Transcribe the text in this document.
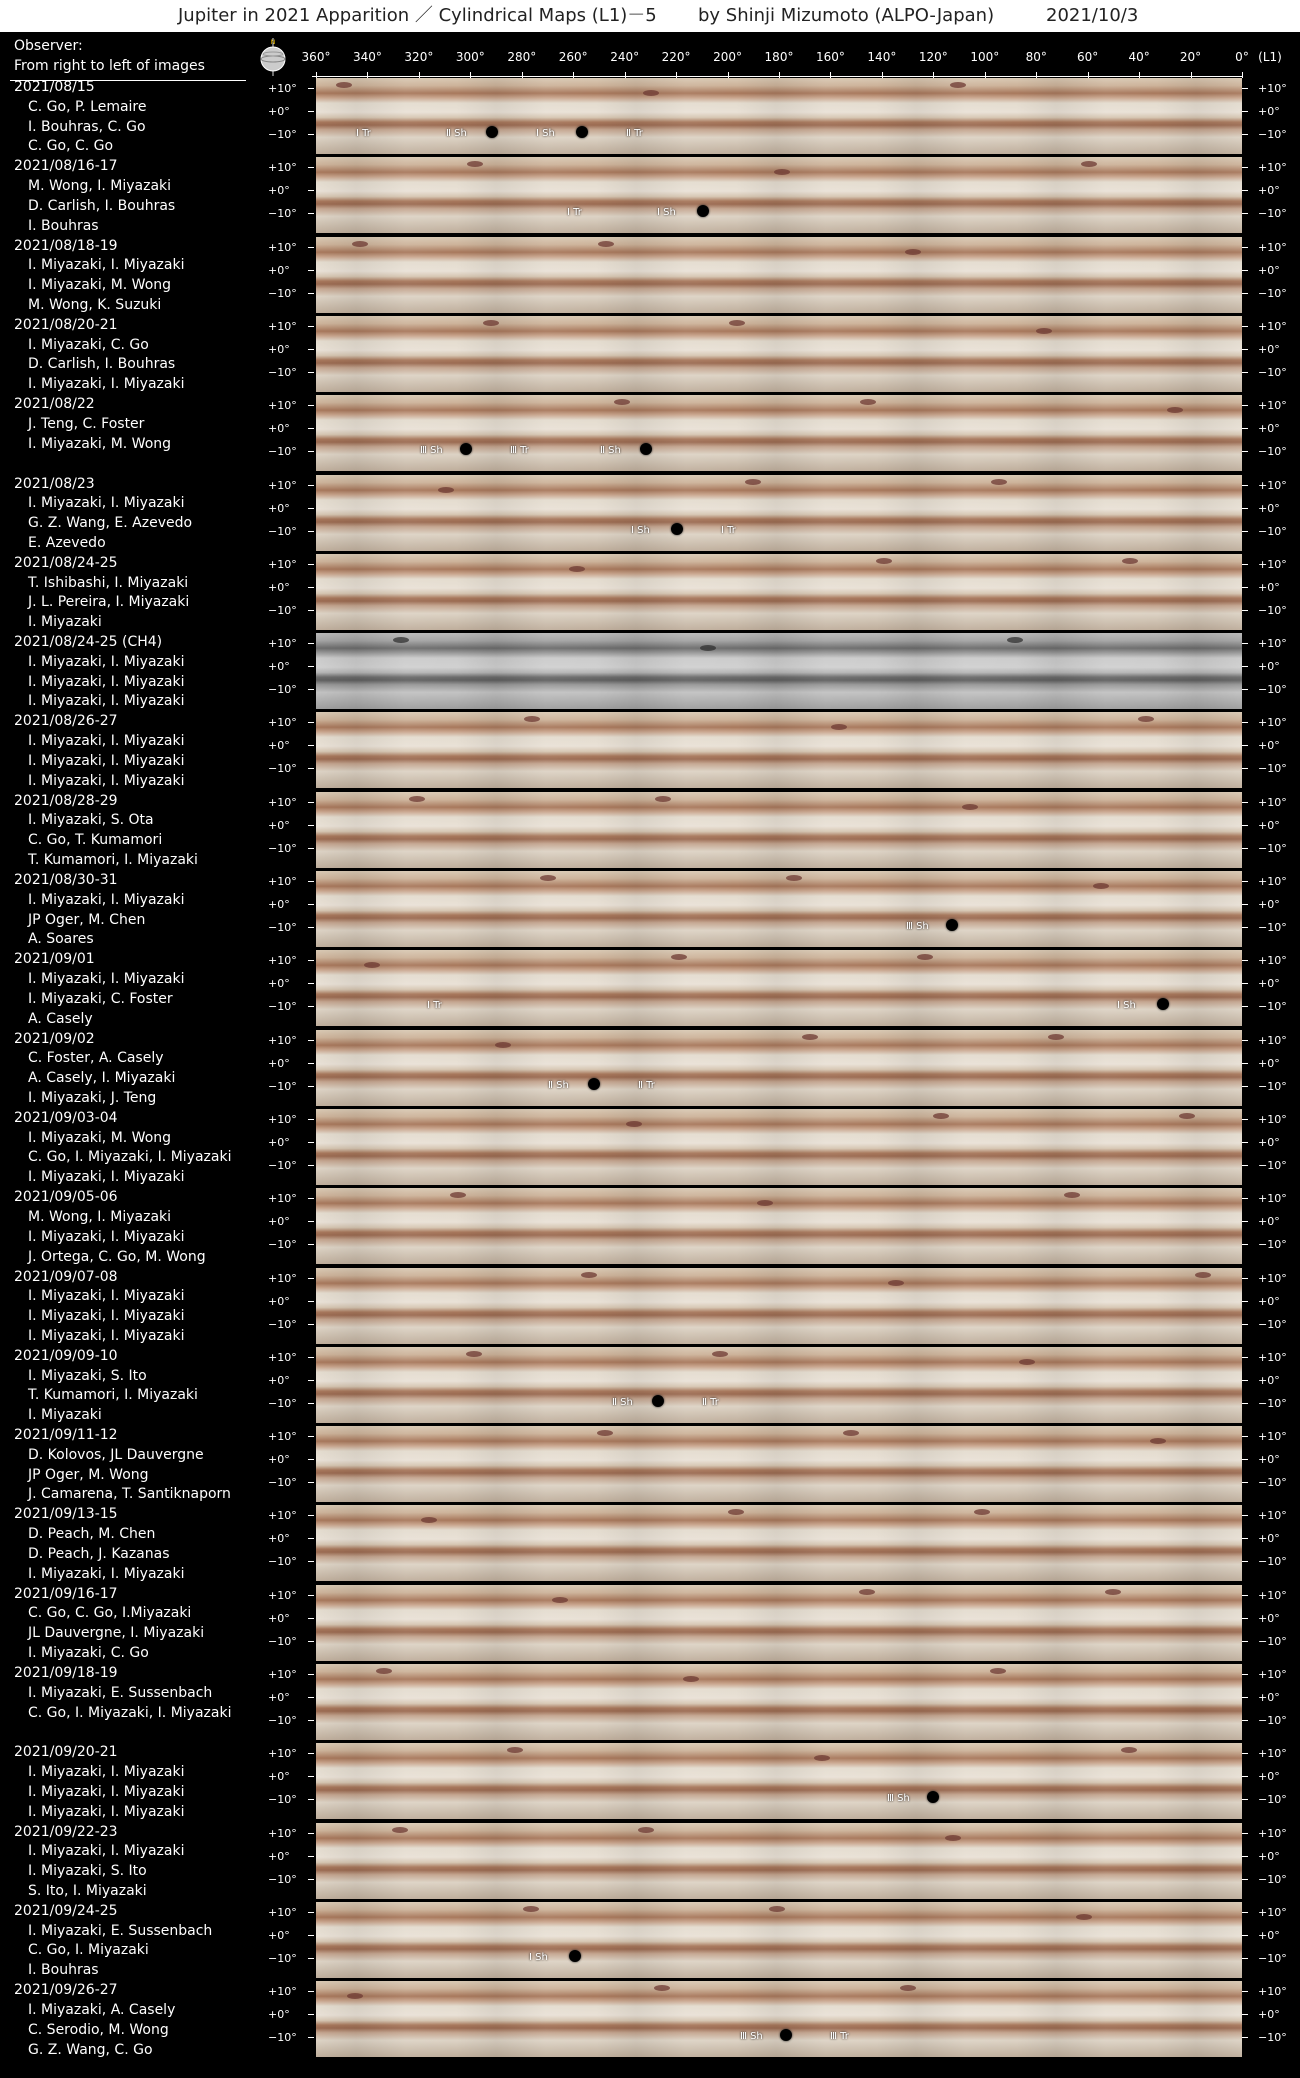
Jupiter in 2021 Apparition ／ Cylindrical Maps (L1)－5 by Shinji Mizumoto (ALPO-Japan)	2021/10/3
Observer:
From right to left of images
N
360° 340° 320° 300° 280° 260° 240° 220° 200° 180° 160° 140° 120° 100° 80°	60°	40°	20°	0° (L1)
2021/08/15
C. Go, P. Lemaire
I. Bouhras, C. Go
C. Go, C. Go
2021/08/16-17
M. Wong, I. Miyazaki
D. Carlish, I. Bouhras
I. Bouhras
2021/08/18-19
I. Miyazaki, I. Miyazaki
I. Miyazaki, M. Wong
M. Wong, K. Suzuki
2021/08/20-21
I. Miyazaki, C. Go
D. Carlish, I. Bouhras
I. Miyazaki, I. Miyazaki
2021/08/22
J. Teng, C. Foster
I. Miyazaki, M. Wong
2021/08/23
I. Miyazaki, I. Miyazaki
G. Z. Wang, E. Azevedo
E. Azevedo
2021/08/24-25
T. Ishibashi, I. Miyazaki
J. L. Pereira, I. Miyazaki
I. Miyazaki
2021/08/24-25 (CH4)
I. Miyazaki, I. Miyazaki
I. Miyazaki, I. Miyazaki
I. Miyazaki, I. Miyazaki
2021/08/26-27
I. Miyazaki, I. Miyazaki
I. Miyazaki, I. Miyazaki
I. Miyazaki, I. Miyazaki
2021/08/28-29
I. Miyazaki, S. Ota
C. Go, T. Kumamori
T. Kumamori, I. Miyazaki
2021/08/30-31
I. Miyazaki, I. Miyazaki
JP Oger, M. Chen
A. Soares
2021/09/01
I. Miyazaki, I. Miyazaki
I. Miyazaki, C. Foster
A. Casely
2021/09/02
C. Foster, A. Casely
A. Casely, I. Miyazaki
I. Miyazaki, J. Teng
2021/09/03-04
I. Miyazaki, M. Wong
C. Go, I. Miyazaki, I. Miyazaki
I. Miyazaki, I. Miyazaki
2021/09/05-06
M. Wong, I. Miyazaki
I. Miyazaki, I. Miyazaki
J. Ortega, C. Go, M. Wong
2021/09/07-08
I. Miyazaki, I. Miyazaki
I. Miyazaki, I. Miyazaki
I. Miyazaki, I. Miyazaki
2021/09/09-10
I. Miyazaki, S. Ito
T. Kumamori, I. Miyazaki
I. Miyazaki
2021/09/11-12
D. Kolovos, JL Dauvergne
JP Oger, M. Wong
J. Camarena, T. Santiknaporn
2021/09/13-15
D. Peach, M. Chen
D. Peach, J. Kazanas
I. Miyazaki, I. Miyazaki
2021/09/16-17
C. Go, C. Go, I.Miyazaki
JL Dauvergne, I. Miyazaki
I. Miyazaki, C. Go
2021/09/18-19
I. Miyazaki, E. Sussenbach
C. Go, I. Miyazaki, I. Miyazaki
2021/09/20-21
I. Miyazaki, I. Miyazaki
I. Miyazaki, I. Miyazaki
I. Miyazaki, I. Miyazaki
2021/09/22-23
I. Miyazaki, I. Miyazaki
I. Miyazaki, S. Ito
S. Ito, I. Miyazaki
2021/09/24-25
I. Miyazaki, E. Sussenbach
C. Go, I. Miyazaki
I. Bouhras
2021/09/26-27
I. Miyazaki, A. Casely
C. Serodio, M. Wong
G. Z. Wang, C. Go
Ⅰ Tr	Ⅱ Sh	Ⅰ Sh	Ⅱ Tr
Ⅰ Tr	Ⅰ Sh
Ⅲ Sh	Ⅲ Tr	Ⅱ Sh
Ⅰ Sh	Ⅰ Tr
Ⅲ Sh
Ⅰ Sh
Ⅰ Tr
Ⅱ Sh	Ⅱ Tr
Ⅱ Sh	Ⅱ Tr
Ⅲ Sh
Ⅰ Sh
Ⅲ Sh	Ⅲ Tr
+10°	+10°
+0°	+0°
−10°	−10°
+10°	+10°
+0°	+0°
−10°	−10°
+10°	+10°
+0°	+0°
−10°	−10°
+10°	+10°
+0°	+0°
−10°	−10°
+10°	+10°
+0°	+0°
−10°	−10°
+10°	+10°
+0°	+0°
−10°	−10°
+10°	+10°
+0°	+0°
−10°	−10°
+10°	+10°
+0°	+0°
−10°	−10°
+10°	+10°
+0°	+0°
−10°	−10°
+10°	+10°
+0°	+0°
−10°	−10°
+10°	+10°
+0°	+0°
−10°	−10°
+10°	+10°
+0°	+0°
−10°	−10°
+10°	+10°
+0°	+0°
−10°	−10°
+10°	+10°
+0°	+0°
−10°	−10°
+10°	+10°
+0°	+0°
−10°	−10°
+10°	+10°
+0°	+0°
−10°	−10°
+10°	+10°
+0°	+0°
−10°	−10°
+10°	+10°
+0°	+0°
−10°	−10°
+10°	+10°
+0°	+0°
−10°	−10°
+10°	+10°
+0°	+0°
−10°	−10°
+10°	+10°
+0°	+0°
−10°	−10°
+10°	+10°
+0°	+0°
−10°	−10°
+10°	+10°
+0°	+0°
−10°	−10°
+10°	+10°
+0°	+0°
−10°	−10°
+10°	+10°
+0°	+0°
−10°	−10°
